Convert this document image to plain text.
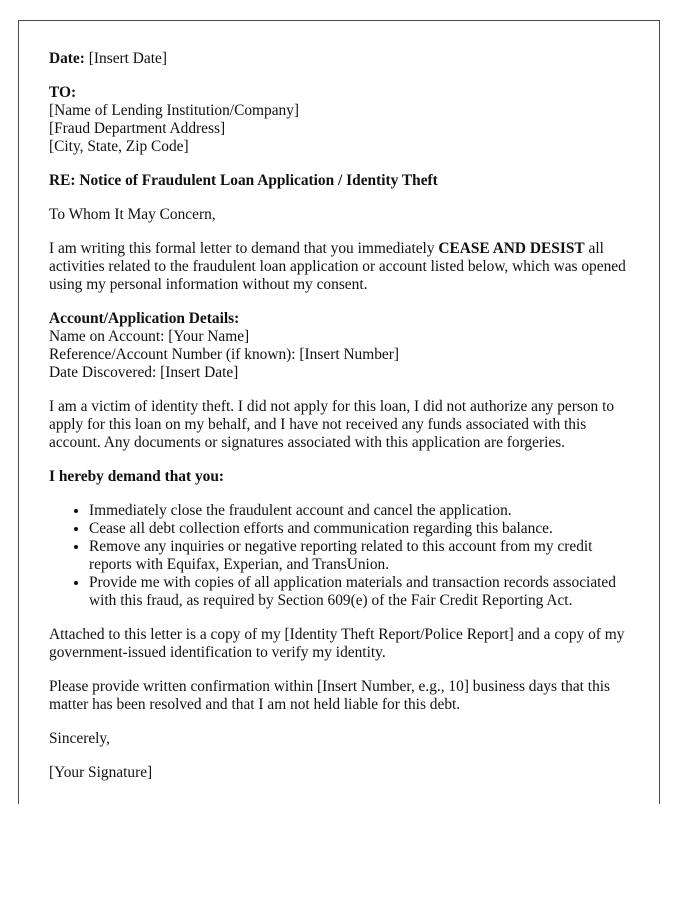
Date: [Insert Date]

TO:
[Name of Lending Institution/Company]
[Fraud Department Address]
[City, State, Zip Code]

RE: Notice of Fraudulent Loan Application / Identity Theft

To Whom It May Concern,

I am writing this formal letter to demand that you immediately CEASE AND DESIST all activities related to the fraudulent loan application or account listed below, which was opened using my personal information without my consent.

Account/Application Details:
Name on Account: [Your Name]
Reference/Account Number (if known): [Insert Number]
Date Discovered: [Insert Date]

I am a victim of identity theft. I did not apply for this loan, I did not authorize any person to apply for this loan on my behalf, and I have not received any funds associated with this account. Any documents or signatures associated with this application are forgeries.

I hereby demand that you:

• Immediately close the fraudulent account and cancel the application.
• Cease all debt collection efforts and communication regarding this balance.
• Remove any inquiries or negative reporting related to this account from my credit reports with Equifax, Experian, and TransUnion.
• Provide me with copies of all application materials and transaction records associated with this fraud, as required by Section 609(e) of the Fair Credit Reporting Act.

Attached to this letter is a copy of my [Identity Theft Report/Police Report] and a copy of my government-issued identification to verify my identity.

Please provide written confirmation within [Insert Number, e.g., 10] business days that this matter has been resolved and that I am not held liable for this debt.

Sincerely,

[Your Signature]
